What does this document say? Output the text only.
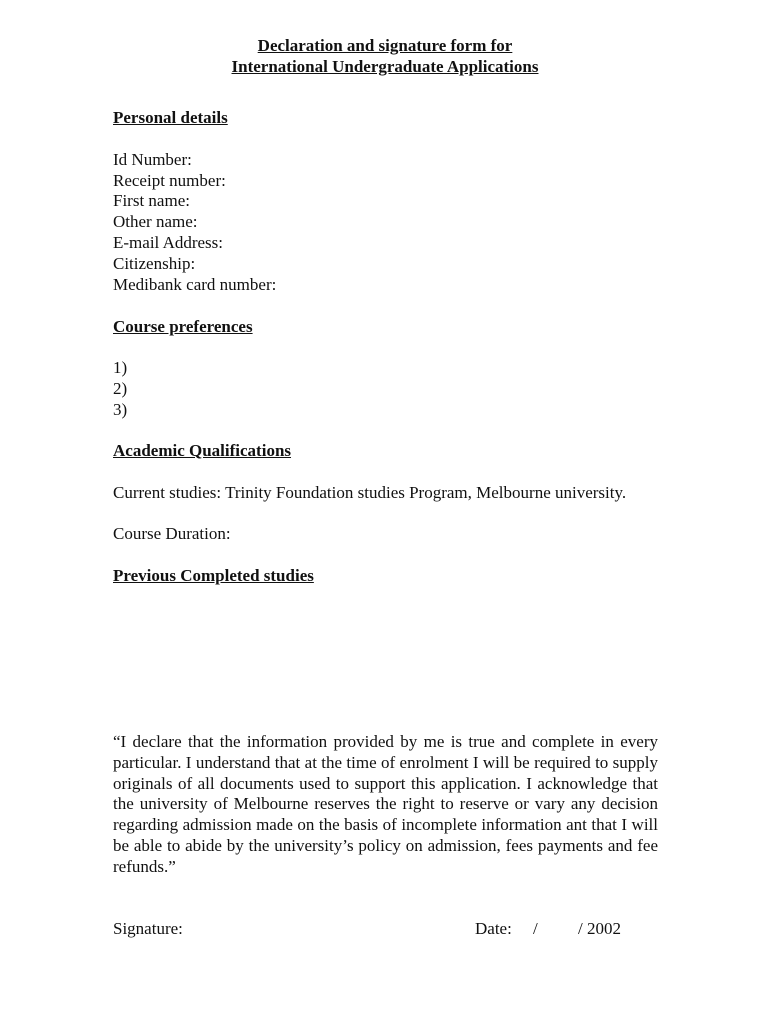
Declaration and signature form for
International Undergraduate Applications
Personal details
Id Number:
Receipt number:
First name:
Other name:
E-mail Address:
Citizenship:
Medibank card number:
Course preferences
1)
2)
3)
Academic Qualifications
Current studies: Trinity Foundation studies Program, Melbourne university.
Course Duration:
Previous Completed studies
“I declare that the information provided by me is true and complete in every particular. I understand that at the time of enrolment I will be required to supply originals of all documents used to support this application. I acknowledge that the university of Melbourne reserves the right to reserve or vary any decision regarding admission made on the basis of incomplete information ant that I will be able to abide by the university’s policy on admission, fees payments and fee refunds.”
Signature:	Date: / / 2002
